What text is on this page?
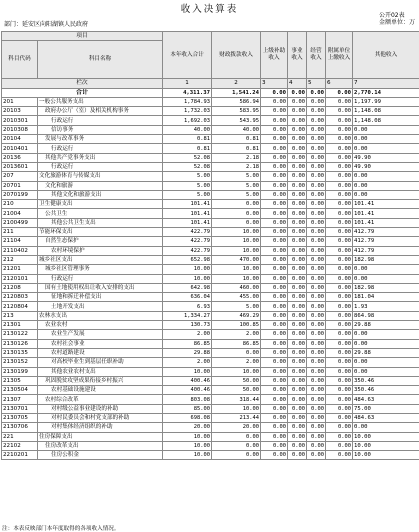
收入决算表
公开02表
金额单位：万
部门：延安区向阳湖镇人民政府
项目		本年收入合计	财政拨款收入	上级补助收入	事业收入	经营收入	附属单位上缴收入	其他收入
科目代码	科目名称							
栏次		1	2	3	4	5	6	7
合计		4,311.37	1,541.24	0.00	0.00	0.00	0.00	2,770.14
201	一般公共服务支出	1,784.93	586.94	0.00	0.00	0.00	0.00	1,197.99
20103	政府办公厅（室）及相关机构事务	1,732.03	583.95	0.00	0.00	0.00	0.00	1,148.08
2010301	行政运行	1,692.03	543.95	0.00	0.00	0.00	0.00	1,148.08
2010308	信访事务	40.00	40.00	0.00	0.00	0.00	0.00	0.00
20104	发展与改革事务	0.81	0.81	0.00	0.00	0.00	0.00	0.00
2010401	行政运行	0.81	0.81	0.00	0.00	0.00	0.00	0.00
20136	其他共产党事务支出	52.08	2.18	0.00	0.00	0.00	0.00	49.90
2013601	行政运行	52.08	2.18	0.00	0.00	0.00	0.00	49.90
207	文化旅游体育与传媒支出	5.00	5.00	0.00	0.00	0.00	0.00	0.00
20701	文化和旅游	5.00	5.00	0.00	0.00	0.00	0.00	0.00
2070199	其他文化和旅游支出	5.00	5.00	0.00	0.00	0.00	0.00	0.00
210	卫生健康支出	101.41	0.00	0.00	0.00	0.00	0.00	101.41
21004	公共卫生	101.41	0.00	0.00	0.00	0.00	0.00	101.41
2100499	其他公共卫生支出	101.41	0.00	0.00	0.00	0.00	0.00	101.41
211	节能环保支出	422.79	10.00	0.00	0.00	0.00	0.00	412.79
21104	自然生态保护	422.79	10.00	0.00	0.00	0.00	0.00	412.79
2110402	农村环境保护	422.79	10.00	0.00	0.00	0.00	0.00	412.79
212	城乡社区支出	652.98	470.00	0.00	0.00	0.00	0.00	182.98
21201	城乡社区管理事务	10.00	10.00	0.00	0.00	0.00	0.00	0.00
2120101	行政运行	10.00	10.00	0.00	0.00	0.00	0.00	0.00
21208	国有土地使用权出让收入安排的支出	642.98	460.00	0.00	0.00	0.00	0.00	182.98
2120803	征地和拆迁补偿支出	636.04	455.00	0.00	0.00	0.00	0.00	181.04
2120804	土地开发支出	6.93	5.00	0.00	0.00	0.00	0.00	1.93
213	农林水支出	1,334.27	469.29	0.00	0.00	0.00	0.00	864.98
21301	农业农村	130.73	100.85	0.00	0.00	0.00	0.00	29.88
2130122	农业生产发展	2.00	2.00	0.00	0.00	0.00	0.00	0.00
2130126	农村社会事业	86.85	86.85	0.00	0.00	0.00	0.00	0.00
2130135	农村道路建设	29.88	0.00	0.00	0.00	0.00	0.00	29.88
2130152	对高校毕业生到基层任职补助	2.00	2.00	0.00	0.00	0.00	0.00	0.00
2130199	其他农业农村支出	10.00	10.00	0.00	0.00	0.00	0.00	0.00
21305	巩固脱贫攻坚成果衔接乡村振兴	400.46	50.00	0.00	0.00	0.00	0.00	350.46
2130504	农村基础设施建设	400.46	50.00	0.00	0.00	0.00	0.00	350.46
21307	农村综合改革	803.08	318.44	0.00	0.00	0.00	0.00	484.63
2130701	对村级公益事业建设的补助	85.00	10.00	0.00	0.00	0.00	0.00	75.00
2130705	对村民委员会和村党支部的补助	698.08	213.44	0.00	0.00	0.00	0.00	484.63
2130706	对村集体经济组织的补助	20.00	20.00	0.00	0.00	0.00	0.00	0.00
221	住房保障支出	10.00	0.00	0.00	0.00	0.00	0.00	10.00
22102	住房改革支出	10.00	0.00	0.00	0.00	0.00	0.00	10.00
2210201	住房公积金	10.00	0.00	0.00	0.00	0.00	0.00	10.00
注：本表反映部门本年度取得的各项收入情况。
